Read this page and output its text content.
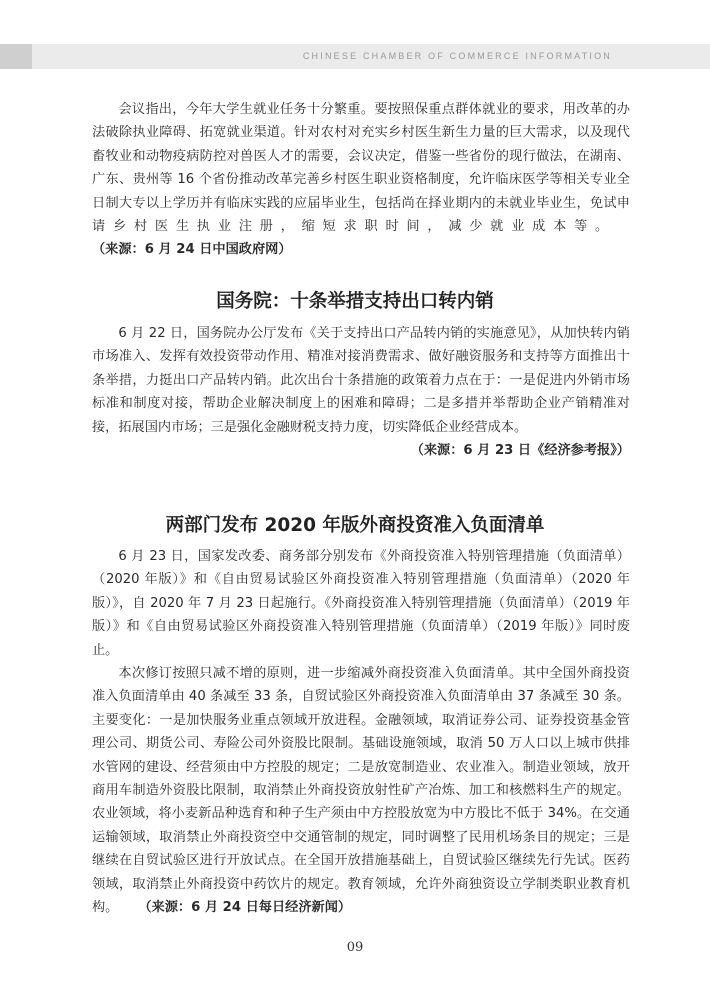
CHINESE CHAMBER OF COMMERCE INFORMATION

会议指出，今年大学生就业任务十分繁重。要按照保重点群体就业的要求，用改革的办法破除执业障碍、拓宽就业渠道。针对农村对充实乡村医生新生力量的巨大需求，以及现代畜牧业和动物疫病防控对兽医人才的需要，会议决定，借鉴一些省份的现行做法，在湖南、广东、贵州等 16 个省份推动改革完善乡村医生职业资格制度，允许临床医学等相关专业全日制大专以上学历并有临床实践的应届毕业生，包括尚在择业期内的未就业毕业生，免试申请乡村医生执业注册，缩短求职时间，减少就业成本等。（来源：6 月 24 日中国政府网）

国务院：十条举措支持出口转内销

6 月 22 日，国务院办公厅发布《关于支持出口产品转内销的实施意见》，从加快转内销市场准入、发挥有效投资带动作用、精准对接消费需求、做好融资服务和支持等方面推出十条举措，力挺出口产品转内销。此次出台十条措施的政策着力点在于：一是促进内外销市场标准和制度对接，帮助企业解决制度上的困难和障碍；二是多措并举帮助企业产销精准对接，拓展国内市场；三是强化金融财税支持力度，切实降低企业经营成本。

（来源：6 月 23 日《经济参考报》）

两部门发布 2020 年版外商投资准入负面清单

6 月 23 日，国家发改委、商务部分别发布《外商投资准入特别管理措施（负面清单）（2020 年版）》和《自由贸易试验区外商投资准入特别管理措施（负面清单）（2020 年版）》，自 2020 年 7 月 23 日起施行。《外商投资准入特别管理措施（负面清单）（2019 年版）》和《自由贸易试验区外商投资准入特别管理措施（负面清单）（2019 年版）》同时废止。

本次修订按照只减不增的原则，进一步缩减外商投资准入负面清单。其中全国外商投资准入负面清单由 40 条减至 33 条，自贸试验区外商投资准入负面清单由 37 条减至 30 条。主要变化：一是加快服务业重点领域开放进程。金融领域，取消证券公司、证券投资基金管理公司、期货公司、寿险公司外资股比限制。基础设施领域，取消 50 万人口以上城市供排水管网的建设、经营须由中方控股的规定；二是放宽制造业、农业准入。制造业领域，放开商用车制造外资股比限制，取消禁止外商投资放射性矿产冶炼、加工和核燃料生产的规定。农业领域，将小麦新品种选育和种子生产须由中方控股放宽为中方股比不低于 34%。在交通运输领域，取消禁止外商投资空中交通管制的规定，同时调整了民用机场条目的规定；三是继续在自贸试验区进行开放试点。在全国开放措施基础上，自贸试验区继续先行先试。医药领域，取消禁止外商投资中药饮片的规定。教育领域，允许外商独资设立学制类职业教育机构。 （来源：6 月 24 日每日经济新闻）

09
